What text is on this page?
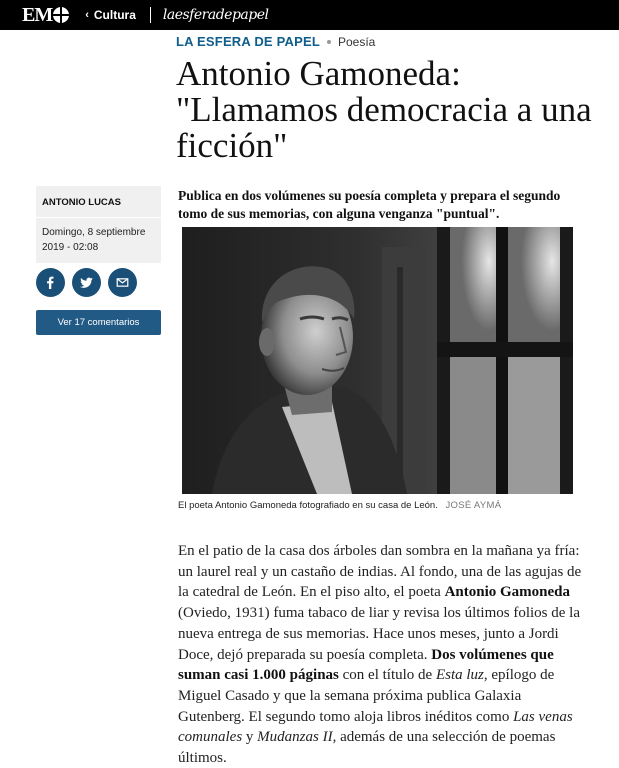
EM	‹ Cultura laesferadepapel
LA ESFERA DE PAPEL Poesía
Antonio Gamoneda: "Llamamos democracia a una ficción"
ANTONIO LUCAS
Domingo, 8 septiembre 2019 - 02:08
Ver 17 comentarios
Publica en dos volúmenes su poesía completa y prepara el segundo tomo de sus memorias, con alguna venganza "puntual".
El poeta Antonio Gamoneda fotografiado en su casa de León. JOSÉ AYMÁ

En el patio de la casa dos árboles dan sombra en la mañana ya fría: un laurel real y un castaño de indias. Al fondo, una de las agujas de la catedral de León. En el piso alto, el poeta Antonio Gamoneda (Oviedo, 1931) fuma tabaco de liar y revisa los últimos folios de la nueva entrega de sus memorias. Hace unos meses, junto a Jordi Doce, dejó preparada su poesía completa. Dos volúmenes que suman casi 1.000 páginas con el título de Esta luz, epílogo de Miguel Casado y que la semana próxima publica Galaxia Gutenberg. El segundo tomo aloja libros inéditos como Las venas comunales y Mudanzas II, además de una selección de poemas últimos.
